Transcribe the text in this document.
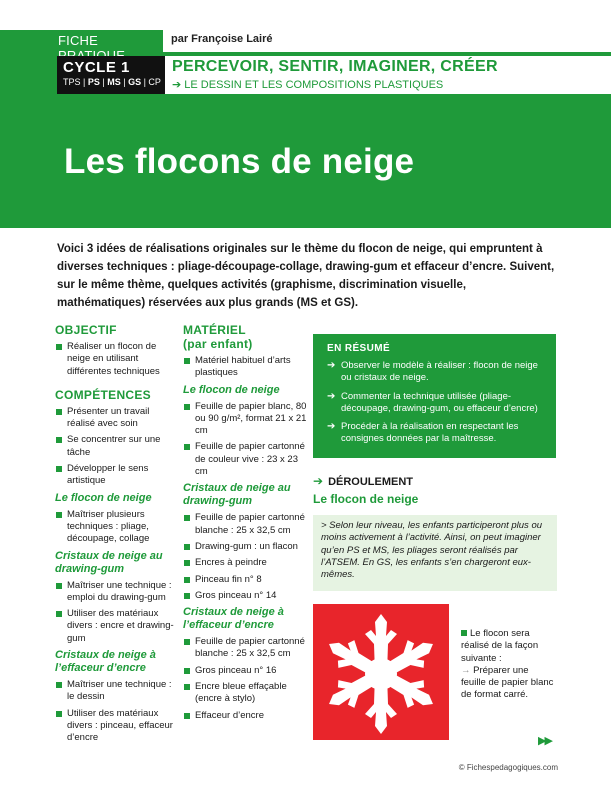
FICHE	par Françoise Lairé
CYCLE 1
TPS | PS | MS | GS | CP
PERCEVOIR, SENTIR, IMAGINER, CRÉER
➔ LE DESSIN ET LES COMPOSITIONS PLASTIQUES
Les flocons de neige

Voici 3 idées de réalisations originales sur le thème du flocon de neige, qui empruntent à diverses techniques : pliage-découpage-collage, drawing-gum et effaceur d’encre. Suivent, sur le même thème, quelques activités (graphisme, discrimination visuelle, mathématiques) réservées aux plus grands (MS et GS).

OBJECTIF
Réaliser un flocon de neige en utilisant différentes techniques
COMPÉTENCES
Présenter un travail réalisé avec soin
Se concentrer sur une tâche
Développer le sens artistique
Le flocon de neige
Maîtriser plusieurs techniques : pliage, découpage, collage
Cristaux de neige au drawing-gum
Maîtriser une technique : emploi du drawing-gum
Utiliser des matériaux divers : encre et drawing-gum
Cristaux de neige à l’effaceur d’encre
Maîtriser une technique : le dessin
Utiliser des matériaux divers : pinceau, effaceur d’encre
MATÉRIEL
(par enfant)
Matériel habituel d’arts plastiques
Le flocon de neige
Feuille de papier blanc, 80 ou 90 g/m², format 21 x 21 cm
Feuille de papier cartonné de couleur vive : 23 x 23 cm
Cristaux de neige au drawing-gum
Feuille de papier cartonné blanche : 25 x 32,5 cm
Drawing-gum : un flacon
Encres à peindre
Pinceau fin n° 8
Gros pinceau n° 14
Cristaux de neige à l’effaceur d’encre
Feuille de papier cartonné blanche : 25 x 32,5 cm
Gros pinceau n° 16
Encre bleue effaçable (encre à stylo)
Effaceur d’encre
EN RÉSUMÉ
➔ Observer le modèle à réaliser : flocon de neige ou cristaux de neige.
➔ Commenter la technique utilisée (pliage-découpage, drawing-gum, ou effaceur d’encre)
➔ Procéder à la réalisation en respectant les consignes données par la maîtresse.
➔ DÉROULEMENT
Le flocon de neige
> Selon leur niveau, les enfants participeront plus ou moins activement à l’activité. Ainsi, on peut imaginer qu’en PS et MS, les pliages seront réalisés par l’ATSEM. En GS, les enfants s’en chargeront eux-mêmes.
Le flocon sera réalisé de la façon suivante :
→ Préparer une feuille de papier blanc de format carré.
▶▶
© Fichespedagogiques.com
